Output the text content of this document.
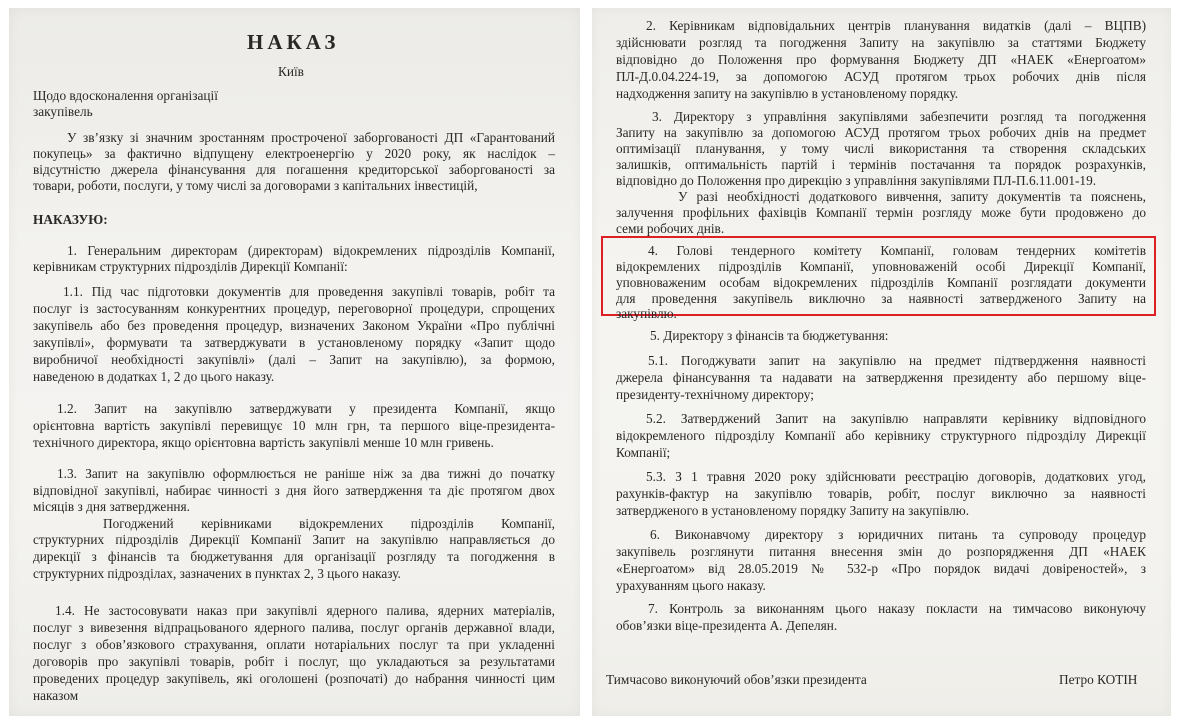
НАКАЗ

Київ

Щодо вдосконалення організації

закупівель

У зв’язку зі значним зростанням простроченої заборгованості ДП «Гарантований

покупець» за фактично відпущену електроенергію у 2020 року, як наслідок –

відсутністю джерела фінансування для погашення кредиторської заборгованості за

товари, роботи, послуги, у тому числі за договорами з капітальних інвестицій,

НАКАЗУЮ:

1. Генеральним директорам (директорам) відокремлених підрозділів Компанії,

керівникам структурних підрозділів Дирекції Компанії:

1.1. Під час підготовки документів для проведення закупівлі товарів, робіт та

послуг із застосуванням конкурентних процедур, переговорної процедури, спрощених

закупівель або без проведення процедур, визначених Законом України «Про публічні

закупівлі», формувати та затверджувати в установленому порядку «Запит щодо

виробничої необхідності закупівлі» (далі – Запит на закупівлю), за формою,

наведеною в додатках 1, 2 до цього наказу.

1.2. Запит на закупівлю затверджувати у президента Компанії, якщо

орієнтовна вартість закупівлі перевищує 10 млн грн, та першого віце-президента-

технічного директора, якщо орієнтовна вартість закупівлі менше 10 млн гривень.

1.3. Запит на закупівлю оформлюється не раніше ніж за два тижні до початку

відповідної закупівлі, набирає чинності з дня його затвердження та діє протягом двох

місяців з дня затвердження.

Погоджений керівниками відокремлених підрозділів Компанії,

структурних підрозділів Дирекції Компанії Запит на закупівлю направляється до

дирекції з фінансів та бюджетування для організації розгляду та погодження в

структурних підрозділах, зазначених в пунктах 2, 3 цього наказу.

1.4. Не застосовувати наказ при закупівлі ядерного палива, ядерних матеріалів,

послуг з вивезення відпрацьованого ядерного палива, послуг органів державної влади,

послуг з обов’язкового страхування, оплати нотаріальних послуг та при укладенні

договорів про закупівлі товарів, робіт і послуг, що укладаються за результатами

проведених процедур закупівель, які оголошені (розпочаті) до набрання чинності цим

наказом

2. Керівникам відповідальних центрів планування видатків (далі – ВЦПВ)

здійснювати розгляд та погодження Запиту на закупівлю за статтями Бюджету

відповідно до Положення про формування Бюджету ДП «НАЕК «Енергоатом»

ПЛ-Д.0.04.224-19, за допомогою АСУД протягом трьох робочих днів після

надходження запиту на закупівлю в установленому порядку.

3. Директору з управління закупівлями забезпечити розгляд та погодження

Запиту на закупівлю за допомогою АСУД протягом трьох робочих днів на предмет

оптимізації планування, у тому числі використання та створення складських

залишків, оптимальність партій і термінів постачання та порядок розрахунків,

відповідно до Положення про дирекцію з управління закупівлями ПЛ-П.6.11.001-19.

У разі необхідності додаткового вивчення, запиту документів та пояснень,

залучення профільних фахівців Компанії термін розгляду може бути продовжено до

семи робочих днів.

4. Голові тендерного комітету Компанії, головам тендерних комітетів

відокремлених підрозділів Компанії, уповноваженій особі Дирекції Компанії,

уповноваженим особам відокремлених підрозділів Компанії розглядати документи

для проведення закупівель виключно за наявності затвердженого Запиту на

закупівлю.

5. Директору з фінансів та бюджетування:

5.1. Погоджувати запит на закупівлю на предмет підтвердження наявності

джерела фінансування та надавати на затвердження президенту або першому віце-

президенту-технічному директору;

5.2. Затверджений Запит на закупівлю направляти керівнику відповідного

відокремленого підрозділу Компанії або керівнику структурного підрозділу Дирекції

Компанії;

5.3. З 1 травня 2020 року здійснювати реєстрацію договорів, додаткових угод,

рахунків-фактур на закупівлю товарів, робіт, послуг виключно за наявності

затвердженого в установленому порядку Запиту на закупівлю.

6. Виконавчому директору з юридичних питань та супроводу процедур

закупівель розглянути питання внесення змін до розпорядження ДП «НАЕК

«Енергоатом» від 28.05.2019 № 532-р «Про порядок видачі довіреностей», з

урахуванням цього наказу.

7. Контроль за виконанням цього наказу покласти на тимчасово виконуючу

обов’язки віце-президента А. Депелян.

Тимчасово виконуючий обов’язки президента	Петро КОТІН
